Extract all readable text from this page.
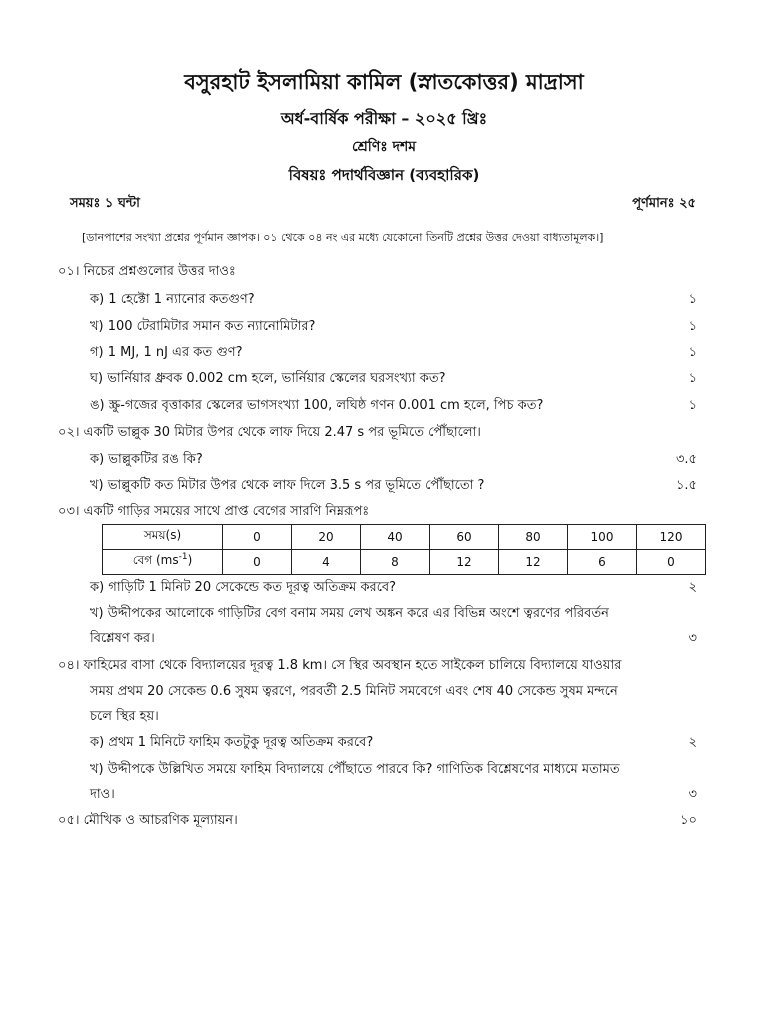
বসুরহাট ইসলামিয়া কামিল (স্নাতকোত্তর) মাদ্রাসা
অর্ধ-বার্ষিক পরীক্ষা – ২০২৫ খ্রিঃ
শ্রেণিঃ দশম
বিষয়ঃ পদার্থবিজ্ঞান (ব্যবহারিক)
সময়ঃ ১ ঘন্টা	পূর্ণমানঃ ২৫
[ডানপাশের সংখ্যা প্রশ্নের পূর্ণমান জ্ঞাপক। ০১ থেকে ০৪ নং এর মধ্যে যেকোনো তিনটি প্রশ্নের উত্তর দেওয়া বাধ্যতামূলক।]
০১। নিচের প্রশ্নগুলোর উত্তর দাওঃ
ক) 1 হেক্টো 1 ন্যানোর কতগুণ?	১
খ) 100 টেরামিটার সমান কত ন্যানোমিটার?	১
গ) 1 MJ, 1 nJ এর কত গুণ?	১
ঘ) ভার্নিয়ার ধ্রুবক 0.002 cm হলে, ভার্নিয়ার স্কেলের ঘরসংখ্যা কত?	১
ঙ) স্ক্রু-গজের বৃত্তাকার স্কেলের ভাগসংখ্যা 100, লঘিষ্ঠ গণন 0.001 cm হলে, পিচ কত?	১
০২। একটি ভাল্লুক 30 মিটার উপর থেকে লাফ দিয়ে 2.47 s পর ভূমিতে পৌঁছালো।
ক) ভাল্লুকটির রঙ কি?	৩.৫
খ) ভাল্লুকটি কত মিটার উপর থেকে লাফ দিলে 3.5 s পর ভূমিতে পৌঁছাতো ?	১.৫
০৩। একটি গাড়ির সময়ের সাথে প্রাপ্ত বেগের সারণি নিম্নরূপঃ
সময়(s)	0	20	40	60	80	100	120
বেগ $(ms^{-1})$	0	4	8	12	12	6	0
ক) গাড়িটি 1 মিনিট 20 সেকেন্ডে কত দূরত্ব অতিক্রম করবে?	২
খ) উদ্দীপকের আলোকে গাড়িটির বেগ বনাম সময় লেখ অঙ্কন করে এর বিভিন্ন অংশে ত্বরণের পরিবর্তন
বিশ্লেষণ কর।	৩
০৪। ফাহিমের বাসা থেকে বিদ্যালয়ের দূরত্ব 1.8 km। সে স্থির অবস্থান হতে সাইকেল চালিয়ে বিদ্যালয়ে যাওয়ার
সময় প্রথম 20 সেকেন্ড 0.6 সুষম ত্বরণে, পরবর্তী 2.5 মিনিট সমবেগে এবং শেষ 40 সেকেন্ড সুষম মন্দনে
চলে স্থির হয়।
ক) প্রথম 1 মিনিটে ফাহিম কতটুকু দূরত্ব অতিক্রম করবে?	২
খ) উদ্দীপকে উল্লিখিত সময়ে ফাহিম বিদ্যালয়ে পৌঁছাতে পারবে কি? গাণিতিক বিশ্লেষণের মাধ্যমে মতামত
দাও।	৩
০৫। মৌখিক ও আচরণিক মূল্যায়ন।	১০
